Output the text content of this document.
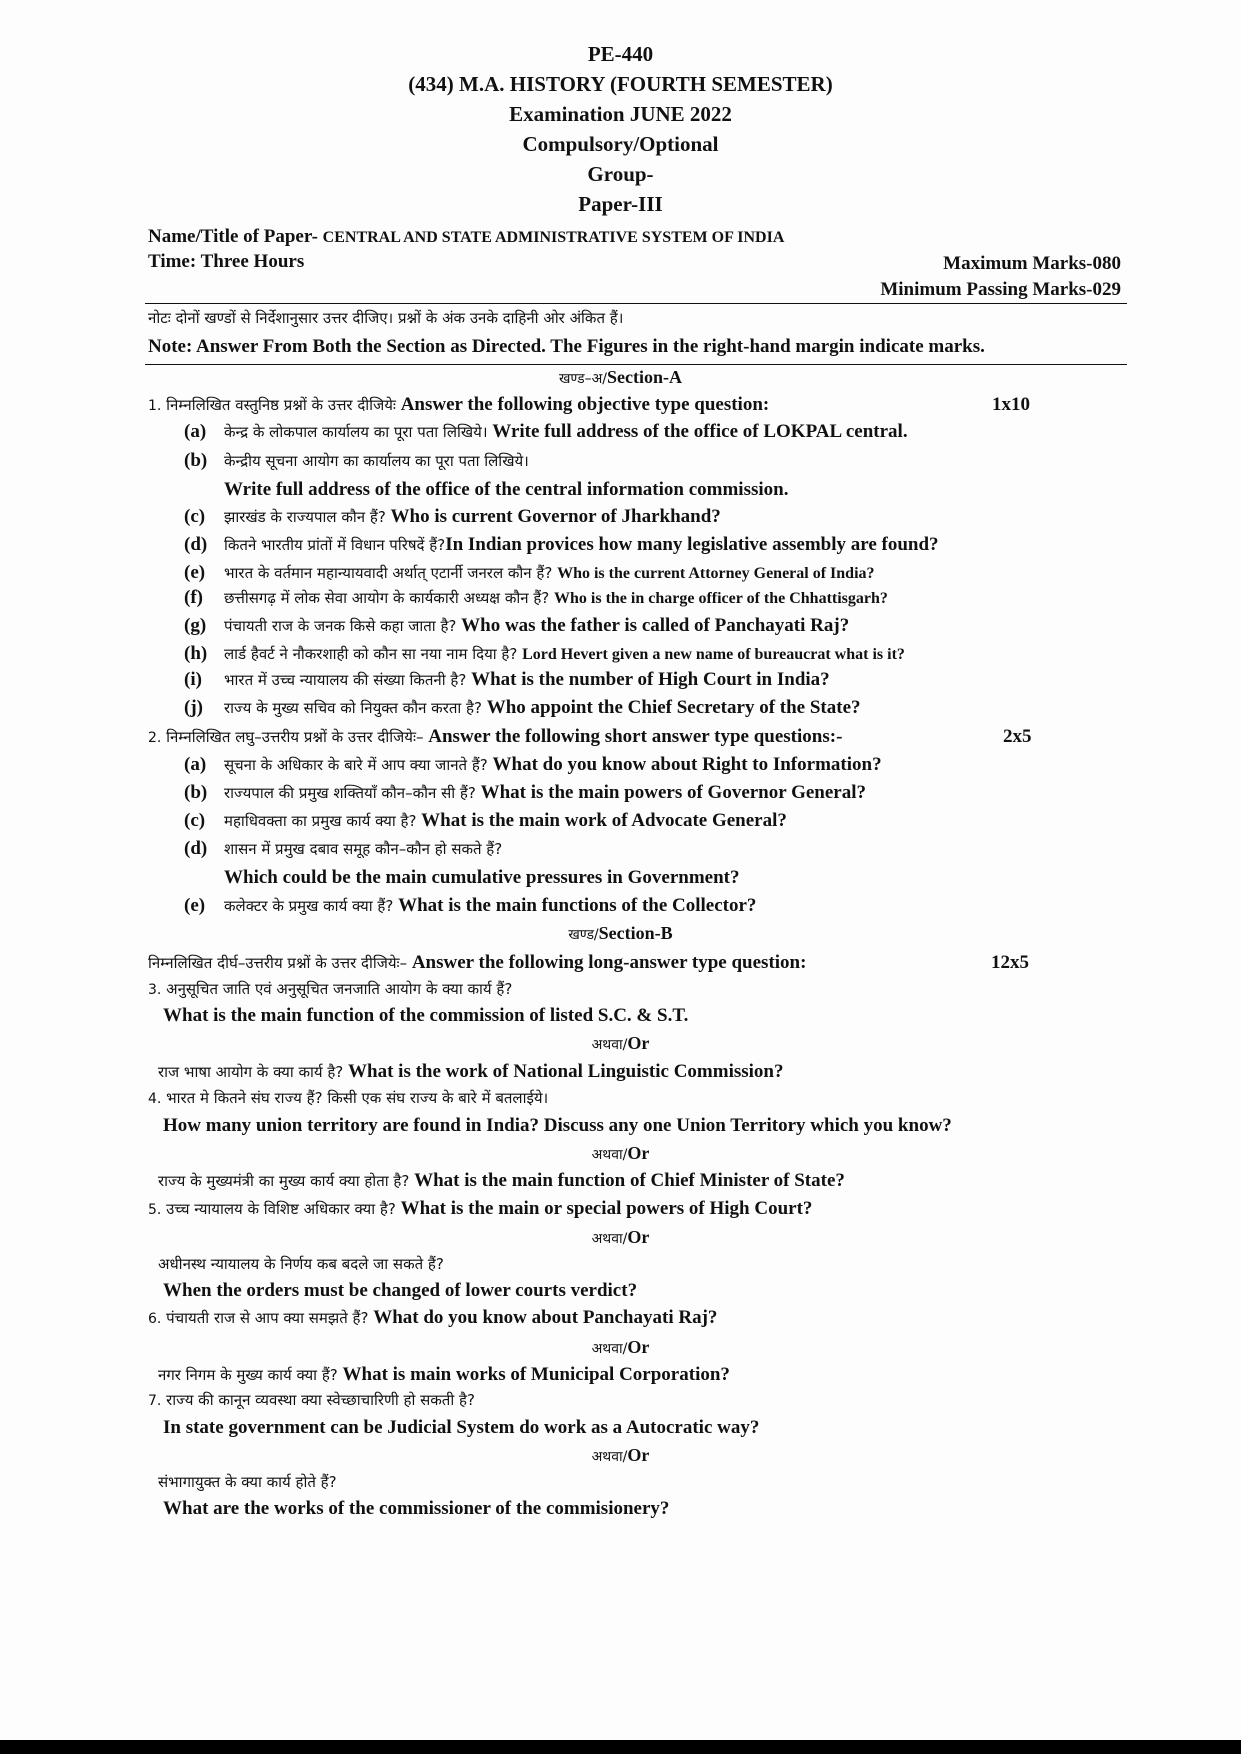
PE-440
(434) M.A. HISTORY (FOURTH SEMESTER)
Examination JUNE 2022
Compulsory/Optional
Group-
Paper-III
Name/Title of Paper- CENTRAL AND STATE ADMINISTRATIVE SYSTEM OF INDIA
Time: Three Hours	Maximum Marks-080
Minimum Passing Marks-029
नोटः दोनों खण्डों से निर्देशानुसार उत्तर दीजिए। प्रश्नों के अंक उनके दाहिनी ओर अंकित हैं।
Note: Answer From Both the Section as Directed. The Figures in the right-hand margin indicate marks.
खण्ड–अ/Section-A
1. निम्नलिखित वस्तुनिष्ठ प्रश्नों के उत्तर दीजियेः Answer the following objective type question:	1x10
(a) केन्द्र के लोकपाल कार्यालय का पूरा पता लिखिये। Write full address of the office of LOKPAL central.
(b) केन्द्रीय सूचना आयोग का कार्यालय का पूरा पता लिखिये।
Write full address of the office of the central information commission.
(c) झारखंड के राज्यपाल कौन हैं? Who is current Governor of Jharkhand?
(d) कितने भारतीय प्रांतों में विधान परिषदें हैं?In Indian provices how many legislative assembly are found?
(e) भारत के वर्तमान महान्यायवादी अर्थात् एटार्नी जनरल कौन हैं? Who is the current Attorney General of India?
(f) छत्तीसगढ़ में लोक सेवा आयोग के कार्यकारी अध्यक्ष कौन हैं? Who is the in charge officer of the Chhattisgarh?
(g) पंचायती राज के जनक किसे कहा जाता है? Who was the father is called of Panchayati Raj?
(h) लार्ड हैवर्ट ने नौकरशाही को कौन सा नया नाम दिया है? Lord Hevert given a new name of bureaucrat what is it?
(i) भारत में उच्च न्यायालय की संख्या कितनी है? What is the number of High Court in India?
(j) राज्य के मुख्य सचिव को नियुक्त कौन करता है? Who appoint the Chief Secretary of the State?
2. निम्नलिखित लघु–उत्तरीय प्रश्नों के उत्तर दीजियेः– Answer the following short answer type questions:-	2x5
(a) सूचना के अधिकार के बारे में आप क्या जानते हैं? What do you know about Right to Information?
(b) राज्यपाल की प्रमुख शक्तियाँ कौन–कौन सी हैं? What is the main powers of Governor General?
(c) महाधिवक्ता का प्रमुख कार्य क्या है? What is the main work of Advocate General?
(d) शासन में प्रमुख दबाव समूह कौन–कौन हो सकते हैं?
Which could be the main cumulative pressures in Government?
(e) कलेक्टर के प्रमुख कार्य क्या हैं? What is the main functions of the Collector?
खण्ड/Section-B
निम्नलिखित दीर्घ–उत्तरीय प्रश्नों के उत्तर दीजियेः– Answer the following long-answer type question:	12x5
3. अनुसूचित जाति एवं अनुसूचित जनजाति आयोग के क्या कार्य हैं?
What is the main function of the commission of listed S.C. & S.T.
अथवा/Or
राज भाषा आयोग के क्या कार्य है? What is the work of National Linguistic Commission?
4. भारत मे कितने संघ राज्य हैं? किसी एक संघ राज्य के बारे में बतलाईये।
How many union territory are found in India? Discuss any one Union Territory which you know?
अथवा/Or
राज्य के मुख्यमंत्री का मुख्य कार्य क्या होता है? What is the main function of Chief Minister of State?
5. उच्च न्यायालय के विशिष्ट अधिकार क्या है? What is the main or special powers of High Court?
अथवा/Or
अधीनस्थ न्यायालय के निर्णय कब बदले जा सकते हैं?
When the orders must be changed of lower courts verdict?
6. पंचायती राज से आप क्या समझते हैं? What do you know about Panchayati Raj?
अथवा/Or
नगर निगम के मुख्य कार्य क्या हैं? What is main works of Municipal Corporation?
7. राज्य की कानून व्यवस्था क्या स्वेच्छाचारिणी हो सकती है?
In state government can be Judicial System do work as a Autocratic way?
अथवा/Or
संभागायुक्त के क्या कार्य होते हैं?
What are the works of the commissioner of the commisionery?
